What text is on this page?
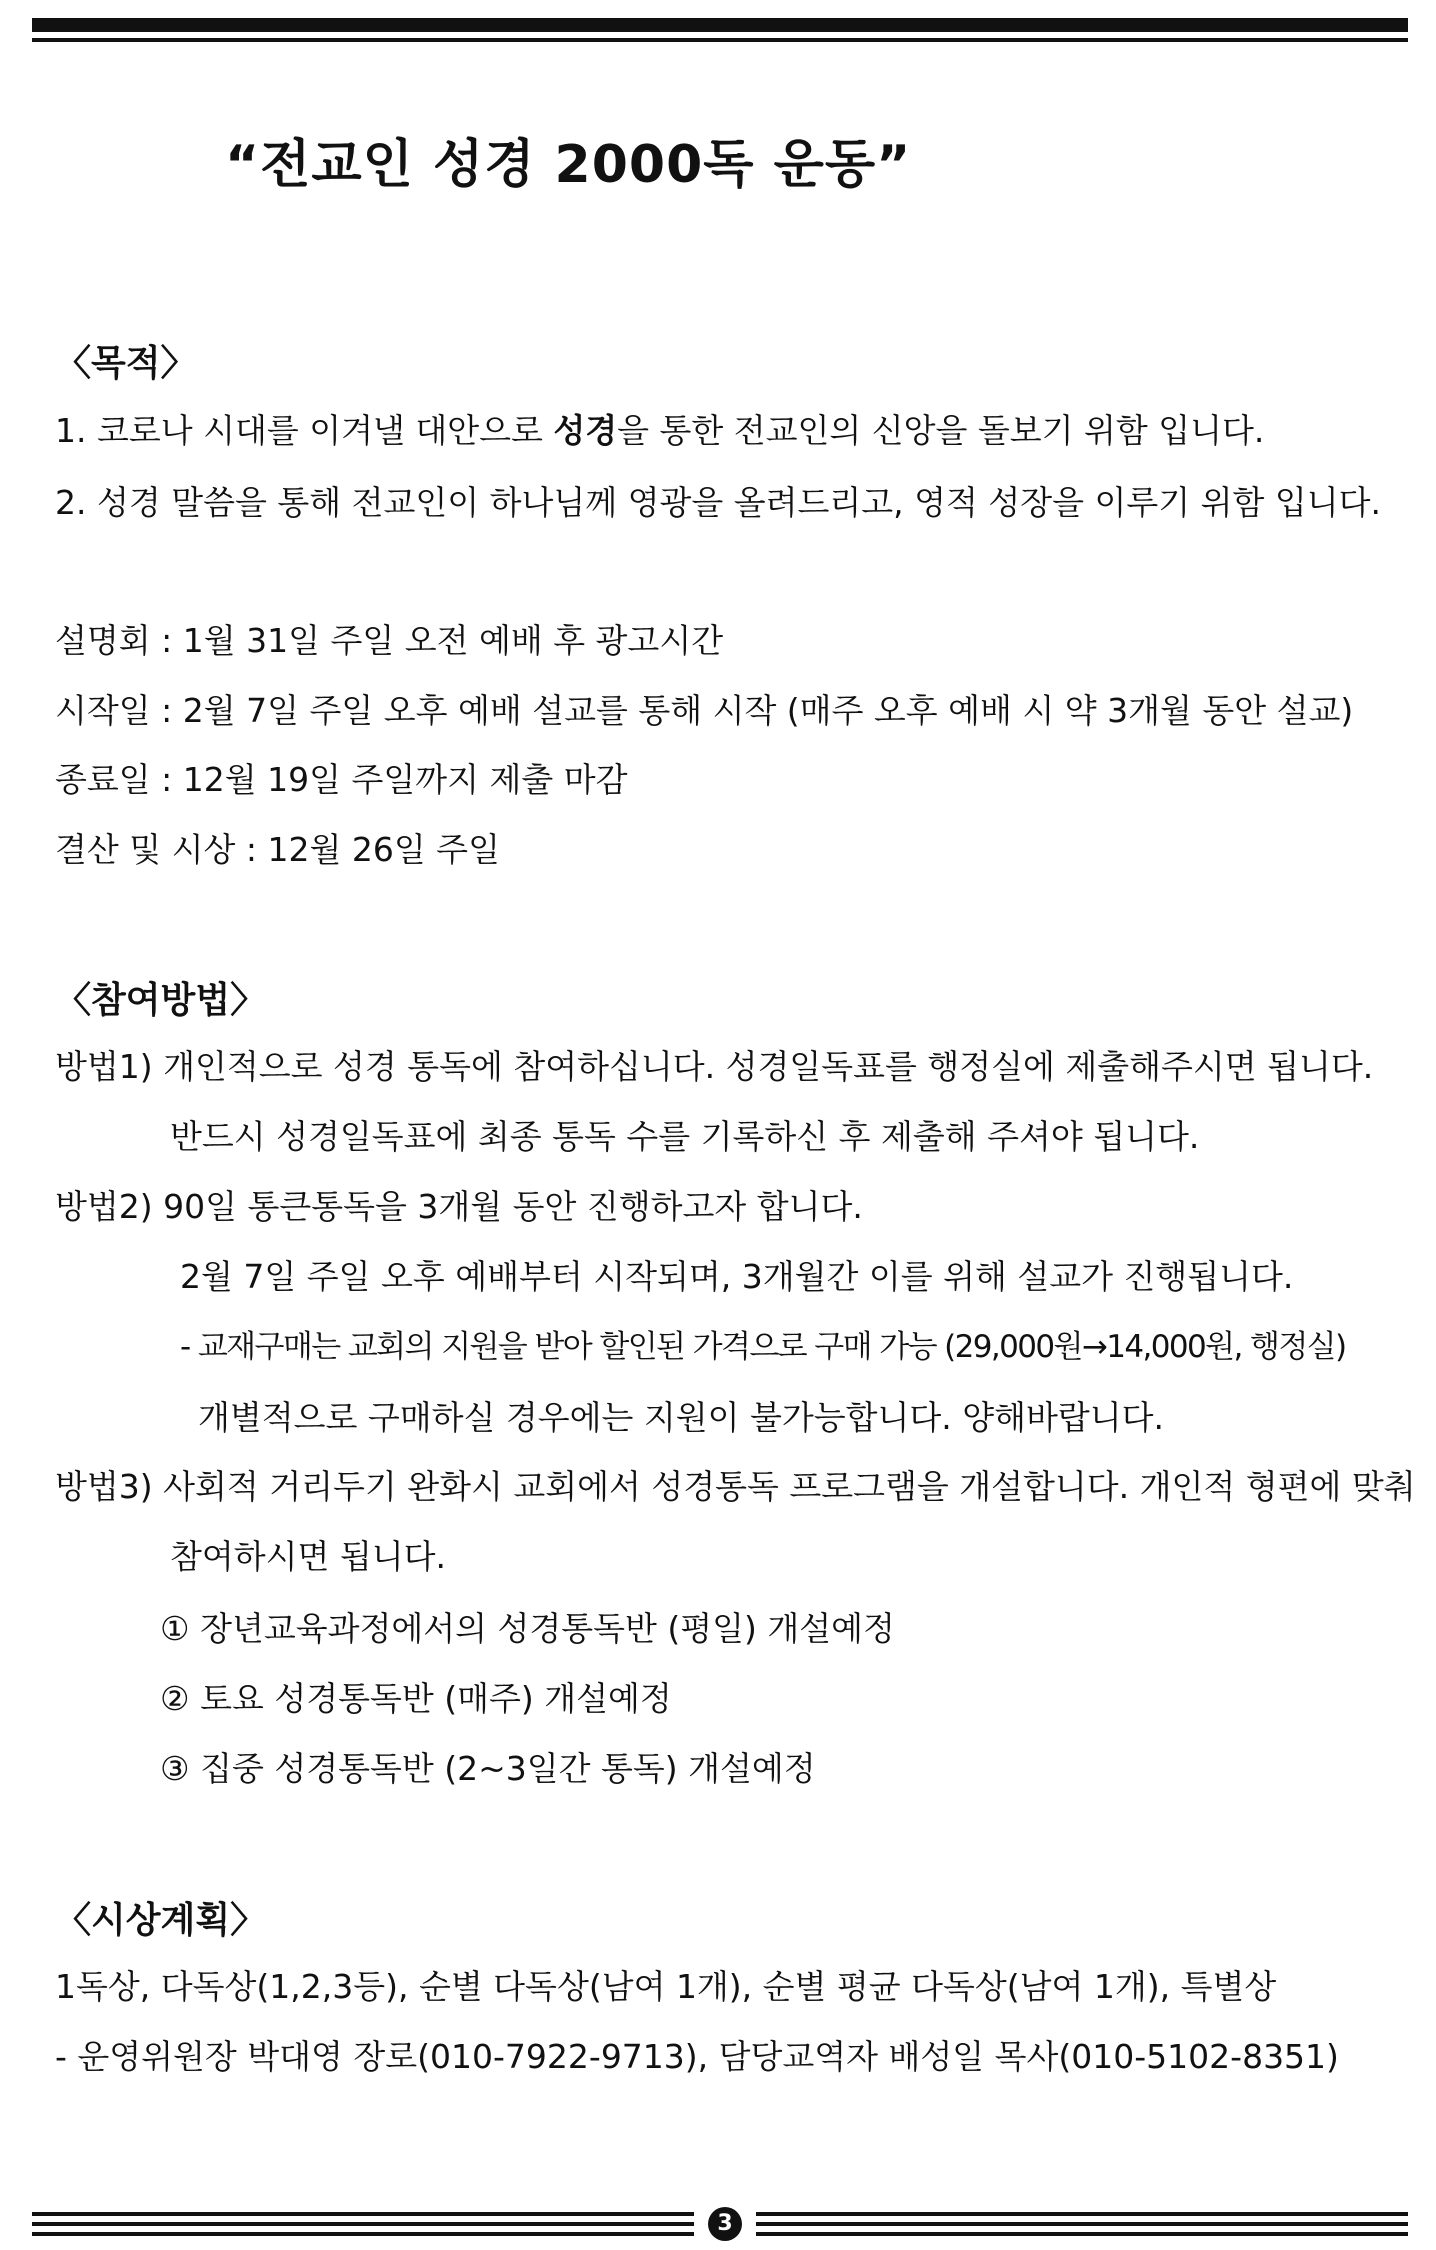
“전교인 성경 2000독 운동”
〈목적〉
1. 코로나 시대를 이겨낼 대안으로 성경을 통한 전교인의 신앙을 돌보기 위함 입니다.
2. 성경 말씀을 통해 전교인이 하나님께 영광을 올려드리고, 영적 성장을 이루기 위함 입니다.
설명회 : 1월 31일 주일 오전 예배 후 광고시간
시작일 : 2월 7일 주일 오후 예배 설교를 통해 시작 (매주 오후 예배 시 약 3개월 동안 설교)
종료일 : 12월 19일 주일까지 제출 마감
결산 및 시상 : 12월 26일 주일
〈참여방법〉
방법1) 개인적으로 성경 통독에 참여하십니다. 성경일독표를 행정실에 제출해주시면 됩니다.
반드시 성경일독표에 최종 통독 수를 기록하신 후 제출해 주셔야 됩니다.
방법2) 90일 통큰통독을 3개월 동안 진행하고자 합니다.
2월 7일 주일 오후 예배부터 시작되며, 3개월간 이를 위해 설교가 진행됩니다.
- 교재구매는 교회의 지원을 받아 할인된 가격으로 구매 가능 (29,000원→14,000원, 행정실)
개별적으로 구매하실 경우에는 지원이 불가능합니다. 양해바랍니다.
방법3) 사회적 거리두기 완화시 교회에서 성경통독 프로그램을 개설합니다. 개인적 형편에 맞춰
참여하시면 됩니다.
① 장년교육과정에서의 성경통독반 (평일) 개설예정
② 토요 성경통독반 (매주) 개설예정
③ 집중 성경통독반 (2~3일간 통독) 개설예정
〈시상계획〉
1독상, 다독상(1,2,3등), 순별 다독상(남여 1개), 순별 평균 다독상(남여 1개), 특별상
- 운영위원장 박대영 장로(010-7922-9713), 담당교역자 배성일 목사(010-5102-8351)
3
